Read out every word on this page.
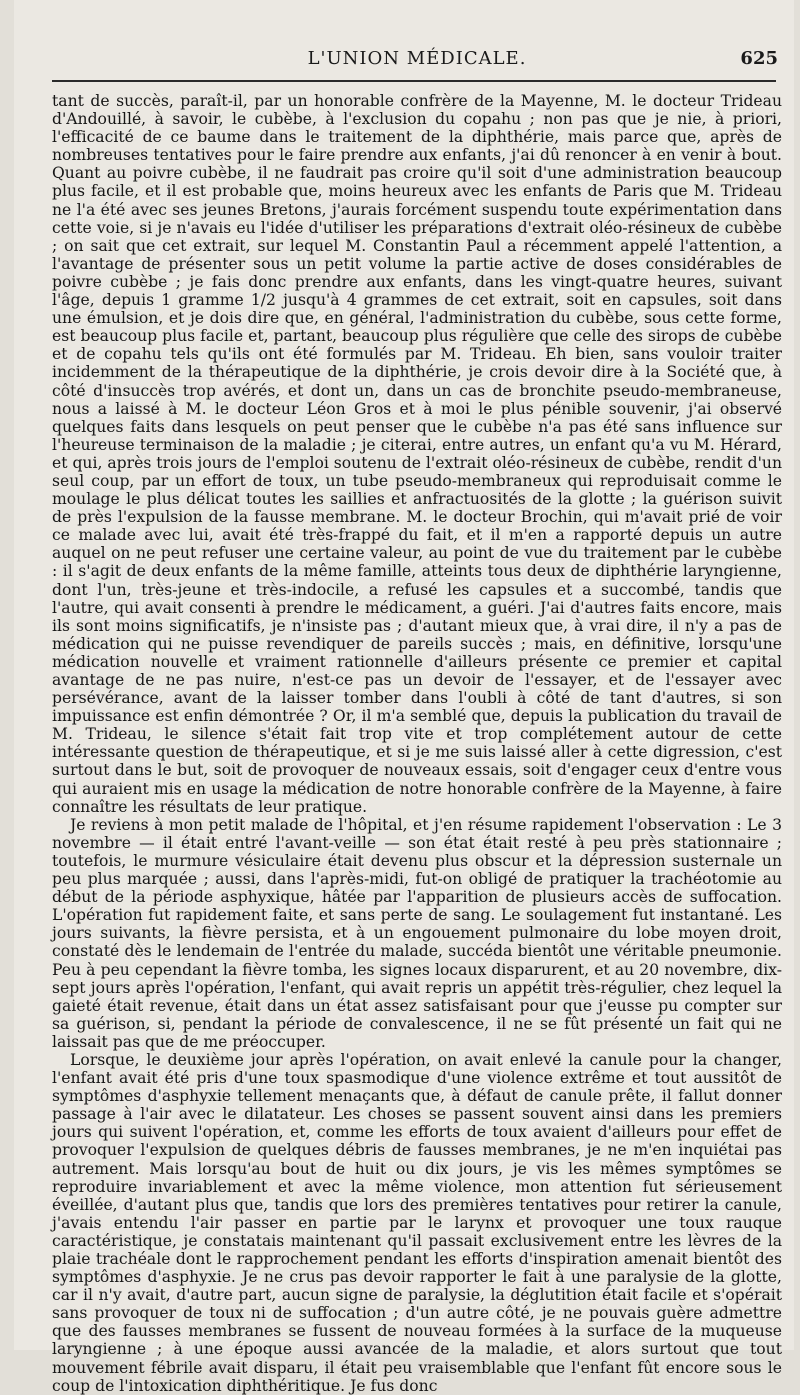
L'UNION MÉDICALE.	625

tant de succès, paraît-il, par un honorable confrère de la Mayenne, M. le docteur Trideau d'Andouillé, à savoir, le cubèbe, à l'exclusion du copahu ; non pas que je nie, à priori, l'efficacité de ce baume dans le traitement de la diphthérie, mais parce que, après de nombreuses tentatives pour le faire prendre aux enfants, j'ai dû renoncer à en venir à bout. Quant au poivre cubèbe, il ne faudrait pas croire qu'il soit d'une administration beaucoup plus facile, et il est probable que, moins heureux avec les enfants de Paris que M. Trideau ne l'a été avec ses jeunes Bretons, j'aurais forcément suspendu toute expérimentation dans cette voie, si je n'avais eu l'idée d'utiliser les préparations d'extrait oléo-résineux de cubèbe ; on sait que cet extrait, sur lequel M. Constantin Paul a récemment appelé l'attention, a l'avantage de présenter sous un petit volume la partie active de doses considérables de poivre cubèbe ; je fais donc prendre aux enfants, dans les vingt-quatre heures, suivant l'âge, depuis 1 gramme 1/2 jusqu'à 4 grammes de cet extrait, soit en capsules, soit dans une émulsion, et je dois dire que, en général, l'administration du cubèbe, sous cette forme, est beaucoup plus facile et, partant, beaucoup plus régulière que celle des sirops de cubèbe et de copahu tels qu'ils ont été formulés par M. Trideau. Eh bien, sans vouloir traiter incidemment de la thérapeutique de la diphthérie, je crois devoir dire à la Société que, à côté d'insuccès trop avérés, et dont un, dans un cas de bronchite pseudo-membraneuse, nous a laissé à M. le docteur Léon Gros et à moi le plus pénible souvenir, j'ai observé quelques faits dans lesquels on peut penser que le cubèbe n'a pas été sans influence sur l'heureuse terminaison de la maladie ; je citerai, entre autres, un enfant qu'a vu M. Hérard, et qui, après trois jours de l'emploi soutenu de l'extrait oléo-résineux de cubèbe, rendit d'un seul coup, par un effort de toux, un tube pseudo-membraneux qui reproduisait comme le moulage le plus délicat toutes les saillies et anfractuosités de la glotte ; la guérison suivit de près l'expulsion de la fausse membrane. M. le docteur Brochin, qui m'avait prié de voir ce malade avec lui, avait été très-frappé du fait, et il m'en a rapporté depuis un autre auquel on ne peut refuser une certaine valeur, au point de vue du traitement par le cubèbe : il s'agit de deux enfants de la même famille, atteints tous deux de diphthérie laryngienne, dont l'un, très-jeune et très-indocile, a refusé les capsules et a succombé, tandis que l'autre, qui avait consenti à prendre le médicament, a guéri. J'ai d'autres faits encore, mais ils sont moins significatifs, je n'insiste pas ; d'autant mieux que, à vrai dire, il n'y a pas de médication qui ne puisse revendiquer de pareils succès ; mais, en définitive, lorsqu'une médication nouvelle et vraiment rationnelle d'ailleurs présente ce premier et capital avantage de ne pas nuire, n'est-ce pas un devoir de l'essayer, et de l'essayer avec persévérance, avant de la laisser tomber dans l'oubli à côté de tant d'autres, si son impuissance est enfin démontrée ? Or, il m'a semblé que, depuis la publication du travail de M. Trideau, le silence s'était fait trop vite et trop complétement autour de cette intéressante question de thérapeutique, et si je me suis laissé aller à cette digression, c'est surtout dans le but, soit de provoquer de nouveaux essais, soit d'engager ceux d'entre vous qui auraient mis en usage la médication de notre honorable confrère de la Mayenne, à faire connaître les résultats de leur pratique.

Je reviens à mon petit malade de l'hôpital, et j'en résume rapidement l'observation : Le 3 novembre — il était entré l'avant-veille — son état était resté à peu près stationnaire ; toutefois, le murmure vésiculaire était devenu plus obscur et la dépression susternale un peu plus marquée ; aussi, dans l'après-midi, fut-on obligé de pratiquer la trachéotomie au début de la période asphyxique, hâtée par l'apparition de plusieurs accès de suffocation. L'opération fut rapidement faite, et sans perte de sang. Le soulagement fut instantané. Les jours suivants, la fièvre persista, et à un engouement pulmonaire du lobe moyen droit, constaté dès le lendemain de l'entrée du malade, succéda bientôt une véritable pneumonie. Peu à peu cependant la fièvre tomba, les signes locaux disparurent, et au 20 novembre, dix-sept jours après l'opération, l'enfant, qui avait repris un appétit très-régulier, chez lequel la gaieté était revenue, était dans un état assez satisfaisant pour que j'eusse pu compter sur sa guérison, si, pendant la période de convalescence, il ne se fût présenté un fait qui ne laissait pas que de me préoccuper.

Lorsque, le deuxième jour après l'opération, on avait enlevé la canule pour la changer, l'enfant avait été pris d'une toux spasmodique d'une violence extrême et tout aussitôt de symptômes d'asphyxie tellement menaçants que, à défaut de canule prête, il fallut donner passage à l'air avec le dilatateur. Les choses se passent souvent ainsi dans les premiers jours qui suivent l'opération, et, comme les efforts de toux avaient d'ailleurs pour effet de provoquer l'expulsion de quelques débris de fausses membranes, je ne m'en inquiétai pas autrement. Mais lorsqu'au bout de huit ou dix jours, je vis les mêmes symptômes se reproduire invariablement et avec la même violence, mon attention fut sérieusement éveillée, d'autant plus que, tandis que lors des premières tentatives pour retirer la canule, j'avais entendu l'air passer en partie par le larynx et provoquer une toux rauque caractéristique, je constatais maintenant qu'il passait exclusivement entre les lèvres de la plaie trachéale dont le rapprochement pendant les efforts d'inspiration amenait bientôt des symptômes d'asphyxie. Je ne crus pas devoir rapporter le fait à une paralysie de la glotte, car il n'y avait, d'autre part, aucun signe de paralysie, la déglutition était facile et s'opérait sans provoquer de toux ni de suffocation ; d'un autre côté, je ne pouvais guère admettre que des fausses membranes se fussent de nouveau formées à la surface de la muqueuse laryngienne ; à une époque aussi avancée de la maladie, et alors surtout que tout mouvement fébrile avait disparu, il était peu vraisemblable que l'enfant fût encore sous le coup de l'intoxication diphthéritique. Je fus donc
